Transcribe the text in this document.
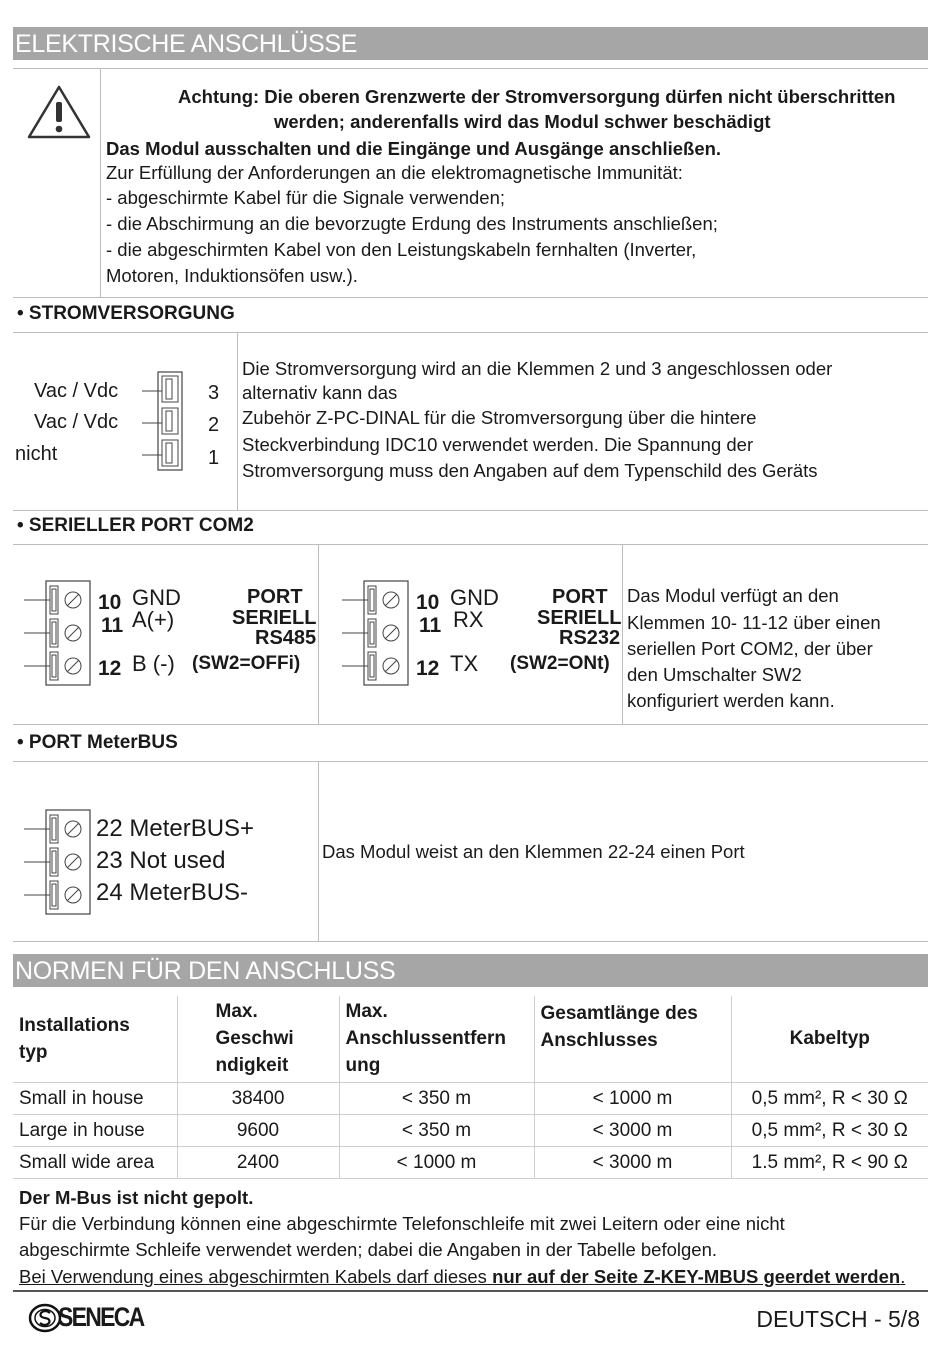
ELEKTRISCHE ANSCHLÜSSE
Achtung: Die oberen Grenzwerte der Stromversorgung dürfen nicht überschritten
werden; anderenfalls wird das Modul schwer beschädigt
Das Modul ausschalten und die Eingänge und Ausgänge anschließen.
Zur Erfüllung der Anforderungen an die elektromagnetische Immunität:
- abgeschirmte Kabel für die Signale verwenden;
- die Abschirmung an die bevorzugte Erdung des Instruments anschließen;
- die abgeschirmten Kabel von den Leistungskabeln fernhalten (Inverter,
Motoren, Induktionsöfen usw.).
• STROMVERSORGUNG
Vac / Vdc
Vac / Vdc
nicht
3
2
1
Die Stromversorgung wird an die Klemmen 2 und 3 angeschlossen oder
alternativ kann das
Zubehör Z-PC-DINAL für die Stromversorgung über die hintere
Steckverbindung IDC10 verwendet werden. Die Spannung der
Stromversorgung muss den Angaben auf dem Typenschild des Geräts
• SERIELLER PORT COM2
10
11
12
GND
A(+)
B (-)
PORT
SERIELL
RS485
(SW2=OFFi)
10
11
12
GND
RX
TX
PORT
SERIELL
RS232
(SW2=ONt)
Das Modul verfügt an den
Klemmen 10- 11-12 über einen
seriellen Port COM2, der über
den Umschalter SW2
konfiguriert werden kann.
• PORT MeterBUS
22 MeterBUS+
23 Not used
24 MeterBUS-
Das Modul weist an den Klemmen 22-24 einen Port
NORMEN FÜR DEN ANSCHLUSS
Installations
typ	Max.
Geschwi
ndigkeit	Max.
Anschlussentfern
ung	Gesamtlänge des
Anschlusses	Kabeltyp
Small in house	38400	< 350 m	< 1000 m	0,5 mm², R < 30 Ω
Large in house	9600	< 350 m	< 3000 m	0,5 mm², R < 30 Ω
Small wide area	2400	< 1000 m	< 3000 m	1.5 mm², R < 90 Ω
Der M-Bus ist nicht gepolt.
Für die Verbindung können eine abgeschirmte Telefonschleife mit zwei Leitern oder eine nicht
abgeschirmte Schleife verwendet werden; dabei die Angaben in der Tabelle befolgen.
Bei Verwendung eines abgeschirmten Kabels darf dieses nur auf der Seite Z-KEY-MBUS geerdet werden.
SENECA	DEUTSCH - 5/8
